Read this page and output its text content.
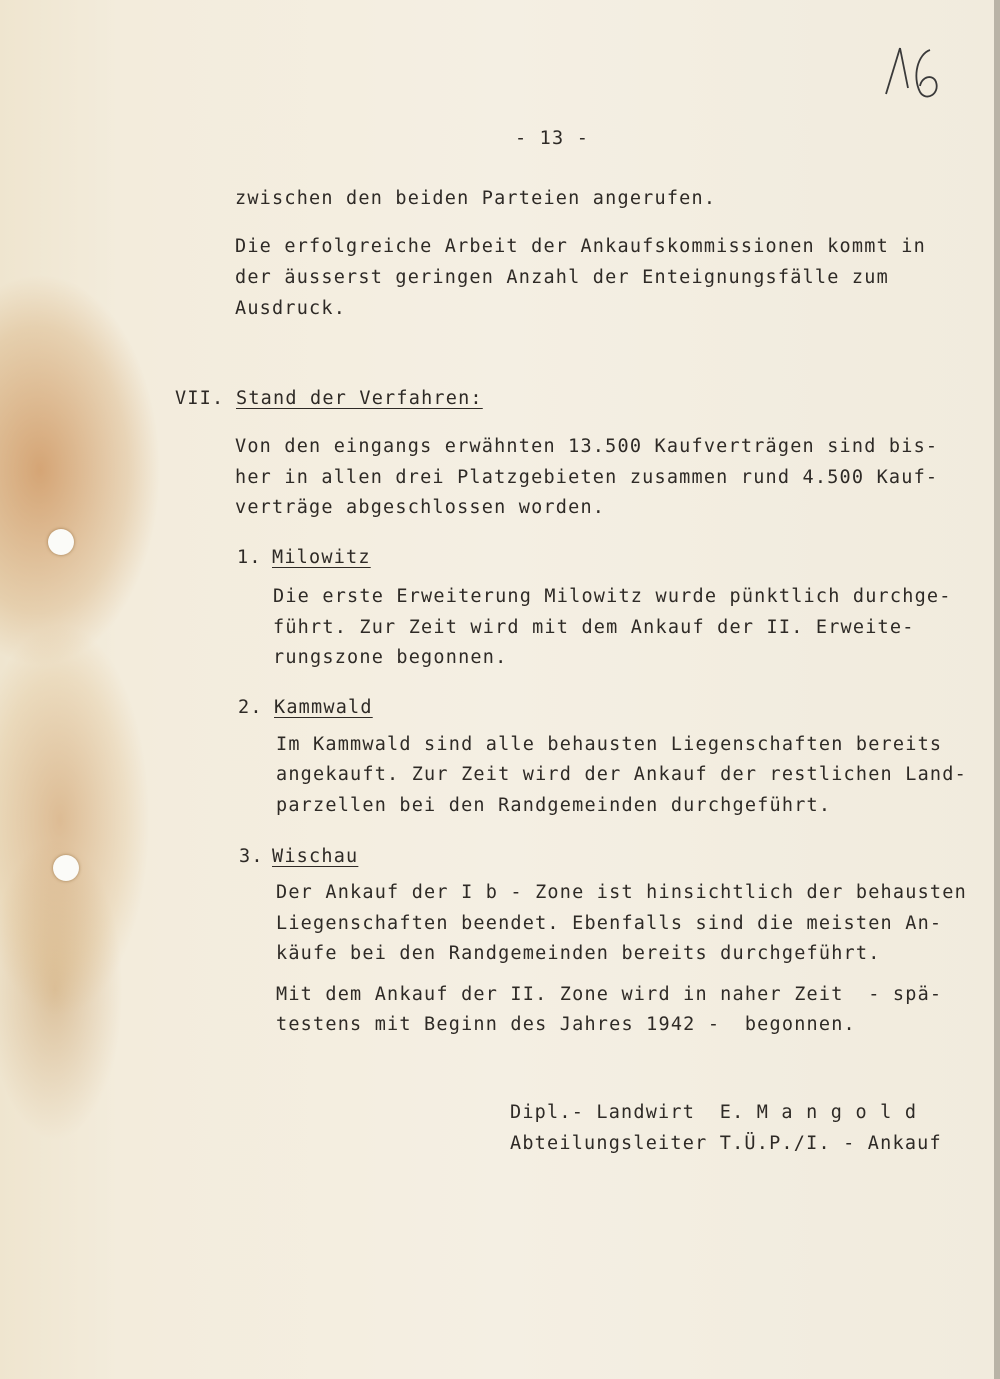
- 13 -
zwischen den beiden Parteien angerufen.
Die erfolgreiche Arbeit der Ankaufskommissionen kommt in
der äusserst geringen Anzahl der Enteignungsfälle zum
Ausdruck.
VII. Stand der Verfahren:
Von den eingangs erwähnten 13.500 Kaufverträgen sind bis-
her in allen drei Platzgebieten zusammen rund 4.500 Kauf-
verträge abgeschlossen worden.
1. Milowitz
Die erste Erweiterung Milowitz wurde pünktlich durchge-
führt. Zur Zeit wird mit dem Ankauf der II. Erweite-
rungszone begonnen.
2. Kammwald
Im Kammwald sind alle behausten Liegenschaften bereits
angekauft. Zur Zeit wird der Ankauf der restlichen Land-
parzellen bei den Randgemeinden durchgeführt.
3. Wischau
Der Ankauf der I b - Zone ist hinsichtlich der behausten
Liegenschaften beendet. Ebenfalls sind die meisten An-
käufe bei den Randgemeinden bereits durchgeführt.
Mit dem Ankauf der II. Zone wird in naher Zeit  - spä-
testens mit Beginn des Jahres 1942 -  begonnen.
Dipl.- Landwirt  E. M a n g o l d
Abteilungsleiter T.Ü.P./I. - Ankauf
